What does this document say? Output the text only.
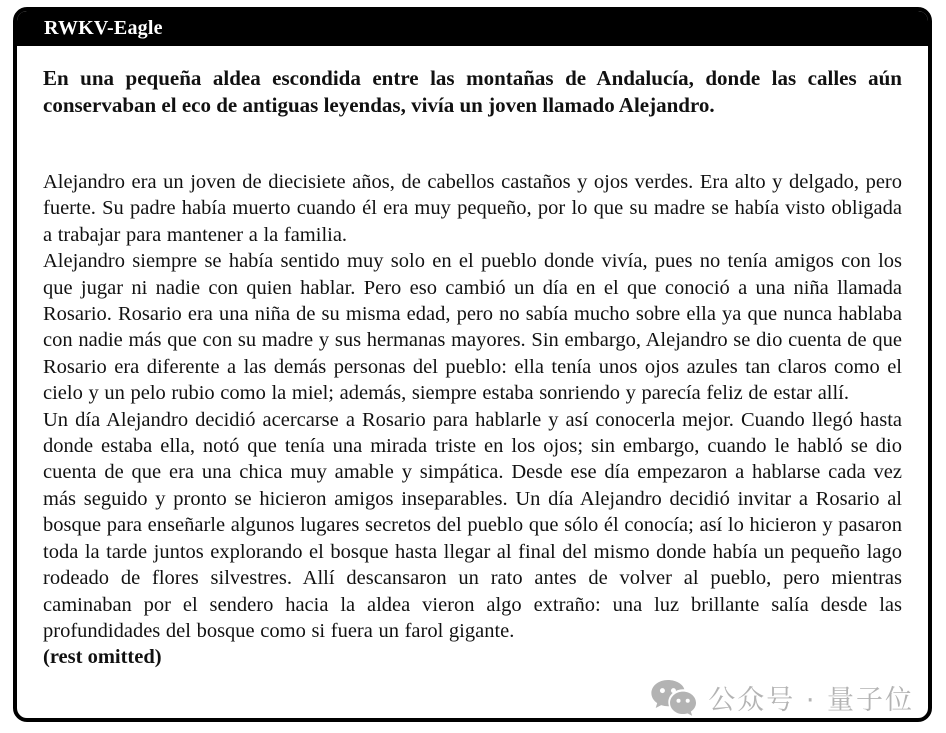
RWKV-Eagle

En una pequeña aldea escondida entre las montañas de Andalucía, donde las calles aún conservaban el eco de antiguas leyendas, vivía un joven llamado Alejandro.

Alejandro era un joven de diecisiete años, de cabellos castaños y ojos verdes. Era alto y delgado, pero fuerte. Su padre había muerto cuando él era muy pequeño, por lo que su madre se había visto obligada a trabajar para mantener a la familia.

Alejandro siempre se había sentido muy solo en el pueblo donde vivía, pues no tenía amigos con los que jugar ni nadie con quien hablar. Pero eso cambió un día en el que conoció a una niña llamada Rosario. Rosario era una niña de su misma edad, pero no sabía mucho sobre ella ya que nunca hablaba con nadie más que con su madre y sus hermanas mayores. Sin embargo, Alejandro se dio cuenta de que Rosario era diferente a las demás personas del pueblo: ella tenía unos ojos azules tan claros como el cielo y un pelo rubio como la miel; además, siempre estaba sonriendo y parecía feliz de estar allí.

Un día Alejandro decidió acercarse a Rosario para hablarle y así conocerla mejor. Cuando llegó hasta donde estaba ella, notó que tenía una mirada triste en los ojos; sin embargo, cuando le habló se dio cuenta de que era una chica muy amable y simpática. Desde ese día empezaron a hablarse cada vez más seguido y pronto se hicieron amigos inseparables. Un día Alejandro decidió invitar a Rosario al bosque para enseñarle algunos lugares secretos del pueblo que sólo él conocía; así lo hicieron y pasaron toda la tarde juntos explorando el bosque hasta llegar al final del mismo donde había un pequeño lago rodeado de flores silvestres. Allí descansaron un rato antes de volver al pueblo, pero mientras caminaban por el sendero hacia la aldea vieron algo extraño: una luz brillante salía desde las profundidades del bosque como si fuera un farol gigante.

(rest omitted)

公众号 · 量子位
